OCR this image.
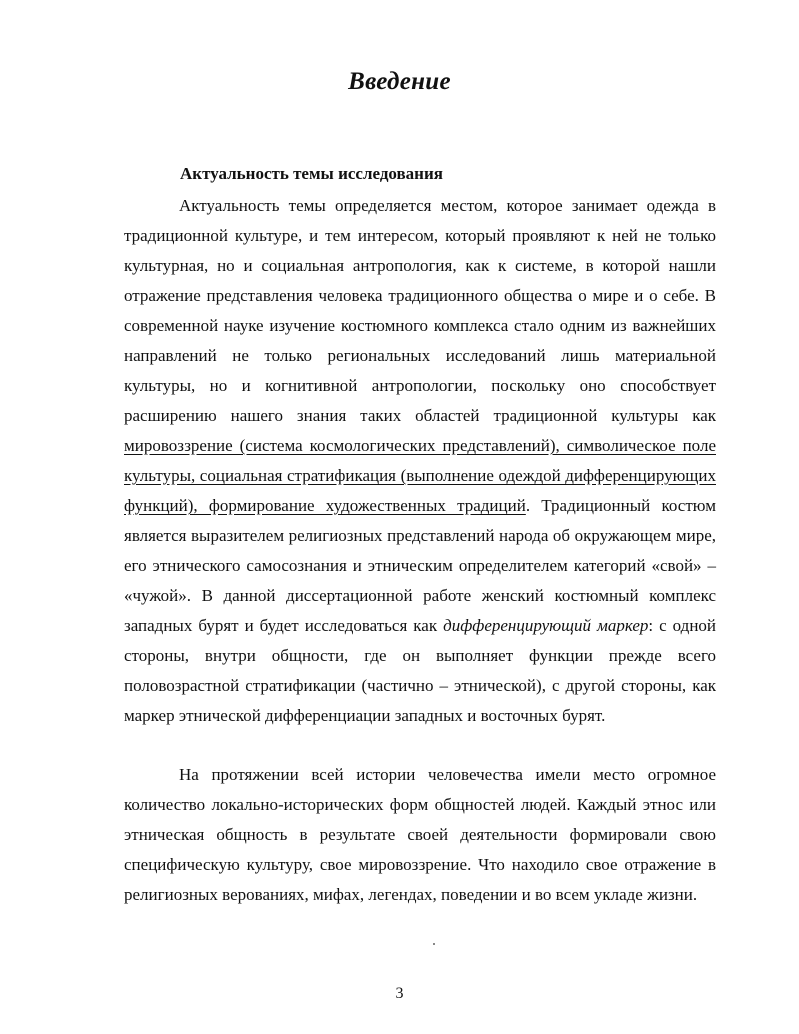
Введение
Актуальность темы исследования
Актуальность темы определяется местом, которое занимает одежда в традиционной культуре, и тем интересом, который проявляют к ней не только культурная, но и социальная антропология, как к системе, в которой нашли отражение представления человека традиционного общества о мире и о себе. В современной науке изучение костюмного комплекса стало одним из важнейших направлений не только региональных исследований лишь материальной культуры, но и когнитивной антропологии, поскольку оно способствует расширению нашего знания таких областей традиционной культуры как мировоззрение (система космологических представлений), символическое поле культуры, социальная стратификация (выполнение одеждой дифференцирующих функций), формирование художественных традиций. Традиционный костюм является выразителем религиозных представлений народа об окружающем мире, его этнического самосознания и этническим определителем категорий «свой» – «чужой». В данной диссертационной работе женский костюмный комплекс западных бурят и будет исследоваться как дифференцирующий маркер: с одной стороны, внутри общности, где он выполняет функции прежде всего половозрастной стратификации (частично – этнической), с другой стороны, как маркер этнической дифференциации западных и восточных бурят.
На протяжении всей истории человечества имели место огромное количество локально-исторических форм общностей людей. Каждый этнос или этническая общность в результате своей деятельности формировали свою специфическую культуру, свое мировоззрение. Что находило свое отражение в религиозных верованиях, мифах, легендах, поведении и во всем укладе жизни.
3
